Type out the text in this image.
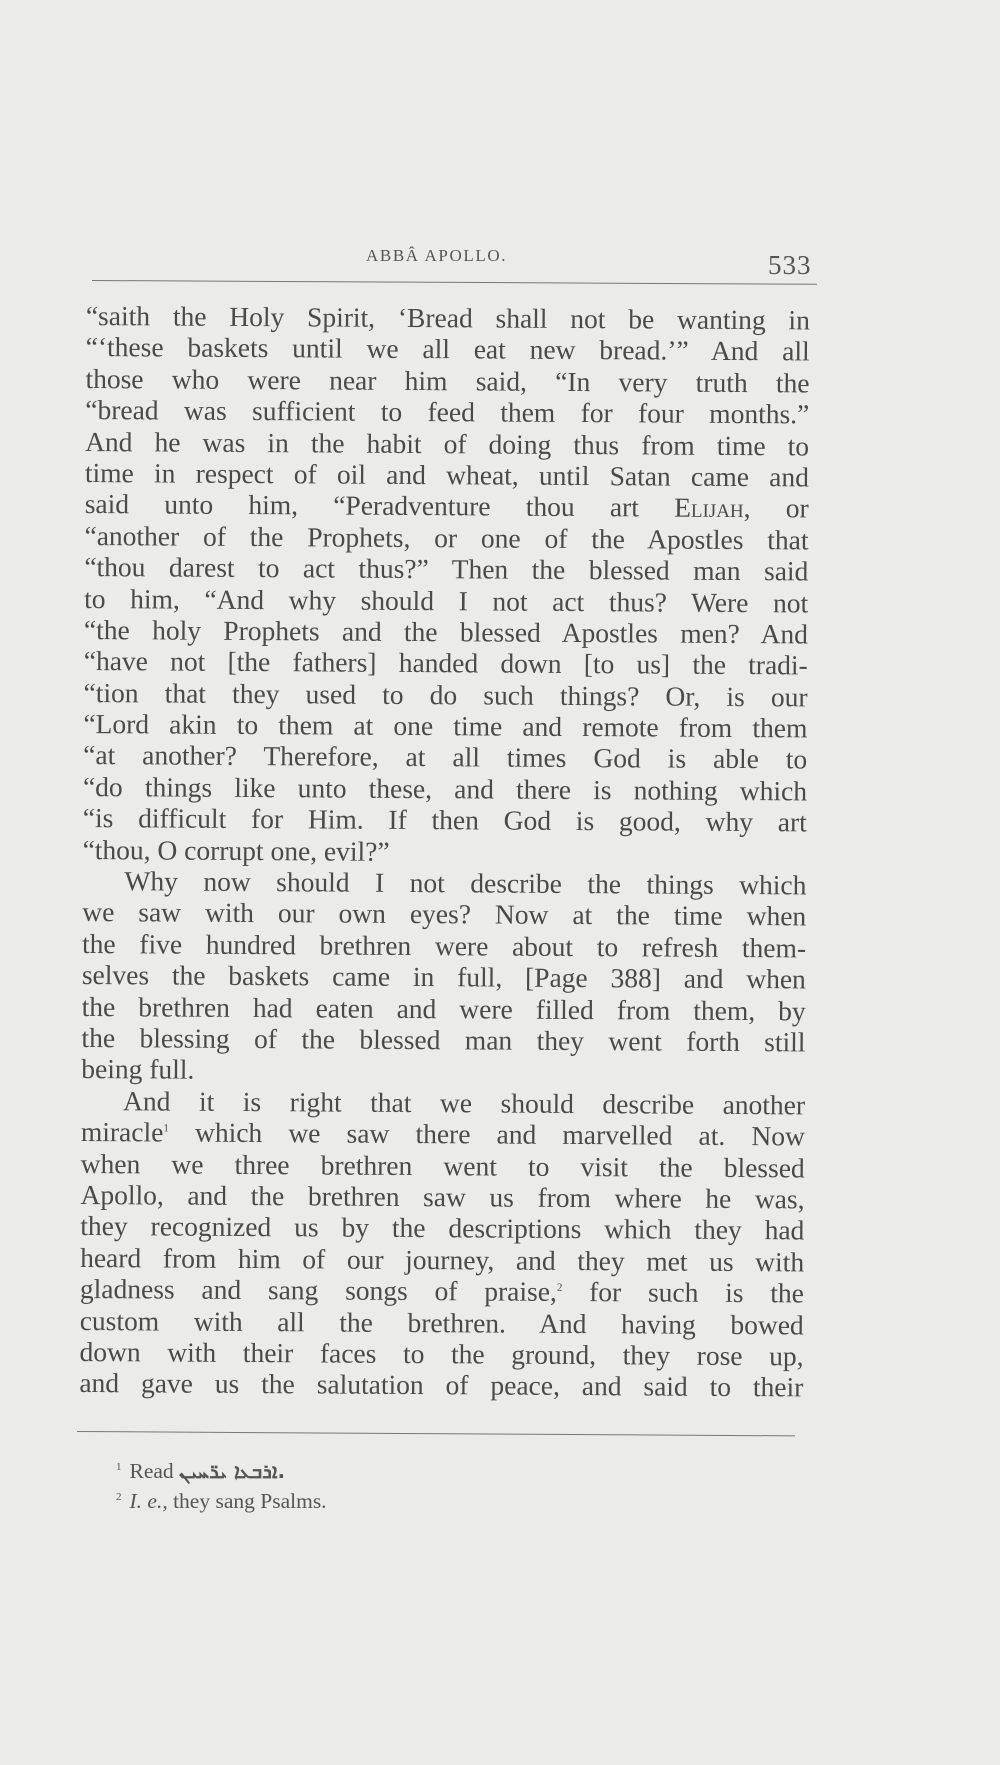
ABBÂ APOLLO.	533
“saith the Holy Spirit, ‘Bread shall not be wanting in
“‘these baskets until we all eat new bread.’” And all
those who were near him said, “In very truth the
“bread was sufficient to feed them for four months.”
And he was in the habit of doing thus from time to
time in respect of oil and wheat, until Satan came and
said unto him, “Peradventure thou art Elijah, or
“another of the Prophets, or one of the Apostles that
“thou darest to act thus?” Then the blessed man said
to him, “And why should I not act thus? Were not
“the holy Prophets and the blessed Apostles men? And
“have not [the fathers] handed down [to us] the tradi-
“tion that they used to do such things? Or, is our
“Lord akin to them at one time and remote from them
“at another? Therefore, at all times God is able to
“do things like unto these, and there is nothing which
“is difficult for Him. If then God is good, why art
“thou, O corrupt one, evil?”
Why now should I not describe the things which
we saw with our own eyes? Now at the time when
the five hundred brethren were about to refresh them-
selves the baskets came in full, [Page 388] and when
the brethren had eaten and were filled from them, by
the blessing of the blessed man they went forth still
being full.
And it is right that we should describe another
miracle$^1$ which we saw there and marvelled at. Now
when we three brethren went to visit the blessed
Apollo, and the brethren saw us from where he was,
they recognized us by the descriptions which they had
heard from him of our journey, and they met us with
gladness and sang songs of praise,$^2$ for such is the
custom with all the brethren. And having bowed
down with their faces to the ground, they rose up,
and gave us the salutation of peace, and said to their
$^1$ Read ܐܪܒܥܐ ܝܪ̈ܚܝܢ.
$^2$ I. e., they sang Psalms.
